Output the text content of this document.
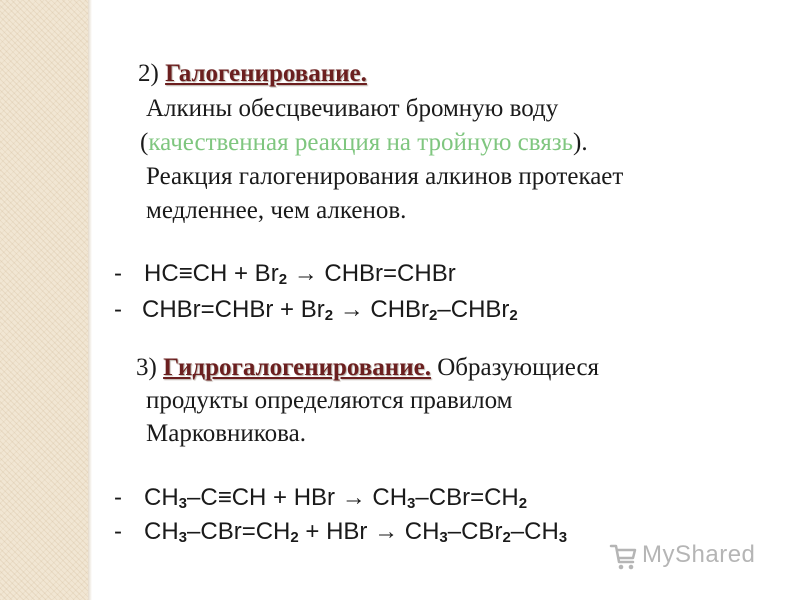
2) Галогенирование.
Алкины обесцвечивают бромную воду
(качественная реакция на тройную связь).
Реакция галогенирования алкинов протекает
медленнее, чем алкенов.
- $HC\equiv CH + Br_2$ → CHBr=CHBr
- CHBr=CHBr + $Br_2$ → CHBr$_2$–CHBr$_2$
3) Гидрогалогенирование. Образующиеся
продукты определяются правилом
Марковникова.
- $CH_3-C\equiv CH$ + HBr → $CH_3-CBr=CH_2$
- $CH_3-CBr=CH_2$ + HBr → $CH_3-CBr_2-CH_3$
MyShared
